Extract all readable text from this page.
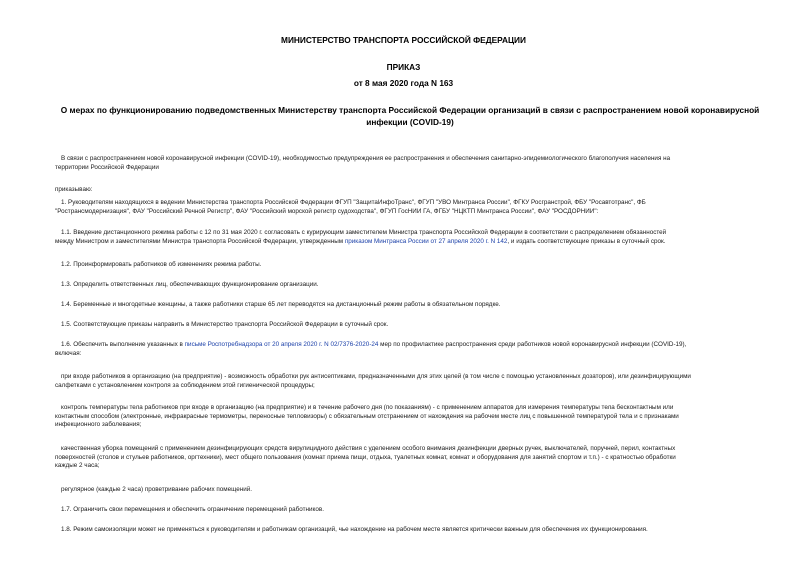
МИНИСТЕРСТВО ТРАНСПОРТА РОССИЙСКОЙ ФЕДЕРАЦИИ
ПРИКАЗ
от 8 мая 2020 года N 163
О мерах по функционированию подведомственных Министерству транспорта Российской Федерации организаций в связи с распространением новой коронавирусной инфекции (COVID-19)
В связи с распространением новой коронавирусной инфекции (COVID-19), необходимостью предупреждения ее распространения и обеспечения санитарно-эпидемиологического благополучия населения на
территории Российской Федерации
приказываю:
1. Руководителям находящихся в ведении Министерства транспорта Российской Федерации ФГУП "ЗащитаИнфоТранс", ФГУП "УВО Минтранса России", ФГКУ Росгранстрой, ФБУ "Росавтотранс", ФБ
"Ространсмодернизация", ФАУ "Российский Речной Регистр", ФАУ "Российский морской регистр судоходства", ФГУП ГосНИИ ГА, ФГБУ "НЦКТП Минтранса России", ФАУ "РОСДОРНИИ":
1.1. Введение дистанционного режима работы с 12 по 31 мая 2020 г. согласовать с курирующим заместителем Министра транспорта Российской Федерации в соответствии с распределением обязанностей
между Министром и заместителями Министра транспорта Российской Федерации, утвержденным приказом Минтранса России от 27 апреля 2020 г. N 142, и издать соответствующие приказы в суточный срок.
1.2. Проинформировать работников об изменениях режима работы.
1.3. Определить ответственных лиц, обеспечивающих функционирование организации.
1.4. Беременные и многодетные женщины, а также работники старше 65 лет переводятся на дистанционный режим работы в обязательном порядке.
1.5. Соответствующие приказы направить в Министерство транспорта Российской Федерации в суточный срок.
1.6. Обеспечить выполнение указанных в письме Роспотребнадзора от 20 апреля 2020 г. N 02/7376-2020-24 мер по профилактике распространения среди работников новой коронавирусной инфекции (COVID-19),
включая:
при входе работников в организацию (на предприятие) - возможность обработки рук антисептиками, предназначенными для этих целей (в том числе с помощью установленных дозаторов), или дезинфицирующими
салфетками с установлением контроля за соблюдением этой гигиенической процедуры;
контроль температуры тела работников при входе в организацию (на предприятие) и в течение рабочего дня (по показаниям) - с применением аппаратов для измерения температуры тела бесконтактным или
контактным способом (электронные, инфракрасные термометры, переносные тепловизоры) с обязательным отстранением от нахождения на рабочем месте лиц с повышенной температурой тела и с признаками
инфекционного заболевания;
качественная уборка помещений с применением дезинфицирующих средств вирулицидного действия с уделением особого внимания дезинфекции дверных ручек, выключателей, поручней, перил, контактных
поверхностей (столов и стульев работников, оргтехники), мест общего пользования (комнат приема пищи, отдыха, туалетных комнат, комнат и оборудования для занятий спортом и т.п.) - с кратностью обработки
каждые 2 часа;
регулярное (каждые 2 часа) проветривание рабочих помещений.
1.7. Ограничить свои перемещения и обеспечить ограничение перемещений работников.
1.8. Режим самоизоляции может не применяться к руководителям и работникам организаций, чье нахождение на рабочем месте является критически важным для обеспечения их функционирования.
